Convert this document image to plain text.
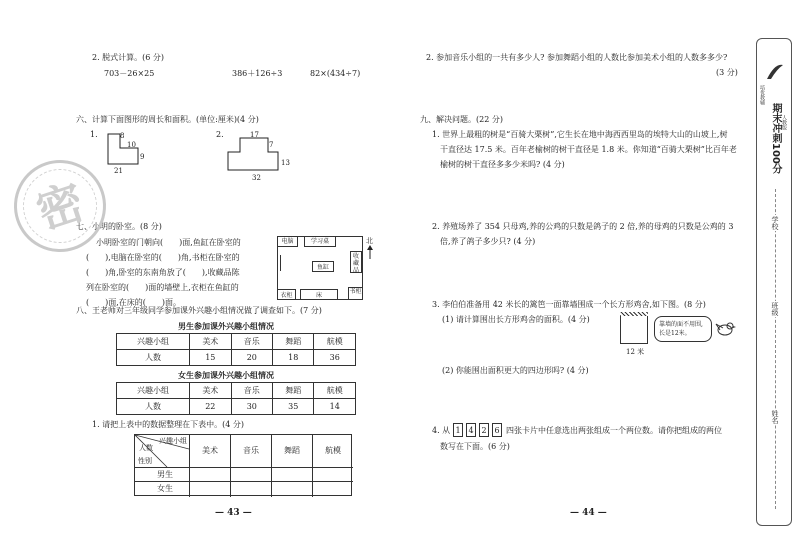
2. 脱式计算。(6 分)
703－26×25	386＋126÷3	82×(434÷7)
六、计算下面图形的周长和面积。(单位:厘米)(4 分)
1.	8
10
9
21
2.	17
7
13
32
七、小明的卧室。(8 分)
小明卧室的门朝向(　　)面,鱼缸在卧室的
(　　),电脑在卧室的(　　)角,书柜在卧室的
(　　)角,卧室的东南角放了(　　),收藏品陈
列在卧室的(　　)面的墙壁上,衣柜在鱼缸的
(　　)面,在床的(　　)面。
电脑	学习桌
鱼缸
收藏品
衣柜	床
书柜
北
八、王老师对三年级同学参加课外兴趣小组情况做了调查如下。(7 分)
男生参加课外兴趣小组情况
兴趣小组	美术	音乐	舞蹈	航模
人数	15	20	18	36
女生参加课外兴趣小组情况
兴趣小组	美术	音乐	舞蹈	航模
人数	22	30	35	14
1. 请把上表中的数据整理在下表中。(4 分)
兴趣小组
人数
性别
美术	音乐	舞蹈	航模
男生
女生
— 43 —
密
2. 参加音乐小组的一共有多少人? 参加舞蹈小组的人数比参加美术小组的人数多多少?
(3 分)
九、解决问题。(22 分)
1. 世界上最粗的树是“百骑大栗树”,它生长在地中海西西里岛的埃特大山的山坡上,树
干直径达 17.5 米。百年老榆树的树干直径是 1.8 米。你知道“百骑大栗树”比百年老
榆树的树干直径多多少米吗? (4 分)
2. 养殖场养了 354 只母鸡,养的公鸡的只数是鸽子的 2 倍,养的母鸡的只数是公鸡的 3
倍,养了鸽子多少只? (4 分)
3. 李伯伯准备用 42 米长的篱笆一面靠墙围成一个长方形鸡舍,如下图。(8 分)
(1) 请计算围出长方形鸡舍的面积。(4 分)
12 米
靠墙的面不用围,长是12米。
(2) 你能围出面积更大的四边形吗? (4 分)
4. 从 1 4 2 6 四张卡片中任意选出两张组成一个两位数。请你把组成的两位
数写在下面。(6 分)
— 44 —
培优教辅
期末冲刺100分 人教版
学校
班级
姓名
